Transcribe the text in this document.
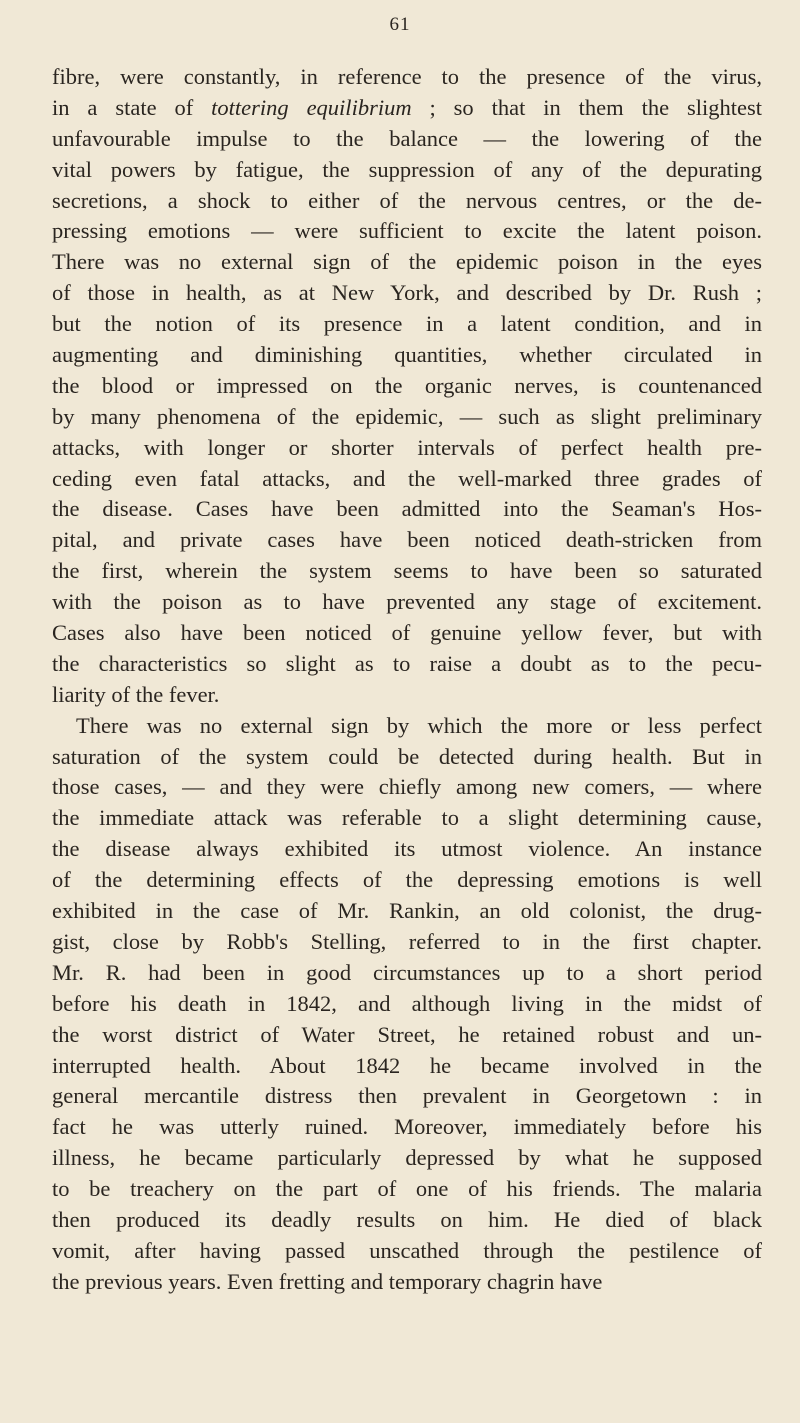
61
fibre, were constantly, in reference to the presence of the virus,
in a state of tottering equilibrium ; so that in them the slightest
unfavourable impulse to the balance — the lowering of the
vital powers by fatigue, the suppression of any of the depurating
secretions, a shock to either of the nervous centres, or the de-
pressing emotions — were sufficient to excite the latent poison.
There was no external sign of the epidemic poison in the eyes
of those in health, as at New York, and described by Dr. Rush ;
but the notion of its presence in a latent condition, and in
augmenting and diminishing quantities, whether circulated in
the blood or impressed on the organic nerves, is countenanced
by many phenomena of the epidemic, — such as slight preliminary
attacks, with longer or shorter intervals of perfect health pre-
ceding even fatal attacks, and the well-marked three grades of
the disease. Cases have been admitted into the Seaman's Hos-
pital, and private cases have been noticed death-stricken from
the first, wherein the system seems to have been so saturated
with the poison as to have prevented any stage of excitement.
Cases also have been noticed of genuine yellow fever, but with
the characteristics so slight as to raise a doubt as to the pecu-
liarity of the fever.
There was no external sign by which the more or less perfect
saturation of the system could be detected during health. But in
those cases, — and they were chiefly among new comers, — where
the immediate attack was referable to a slight determining cause,
the disease always exhibited its utmost violence. An instance
of the determining effects of the depressing emotions is well
exhibited in the case of Mr. Rankin, an old colonist, the drug-
gist, close by Robb's Stelling, referred to in the first chapter.
Mr. R. had been in good circumstances up to a short period
before his death in 1842, and although living in the midst of
the worst district of Water Street, he retained robust and un-
interrupted health. About 1842 he became involved in the
general mercantile distress then prevalent in Georgetown : in
fact he was utterly ruined. Moreover, immediately before his
illness, he became particularly depressed by what he supposed
to be treachery on the part of one of his friends. The malaria
then produced its deadly results on him. He died of black
vomit, after having passed unscathed through the pestilence of
the previous years. Even fretting and temporary chagrin have
